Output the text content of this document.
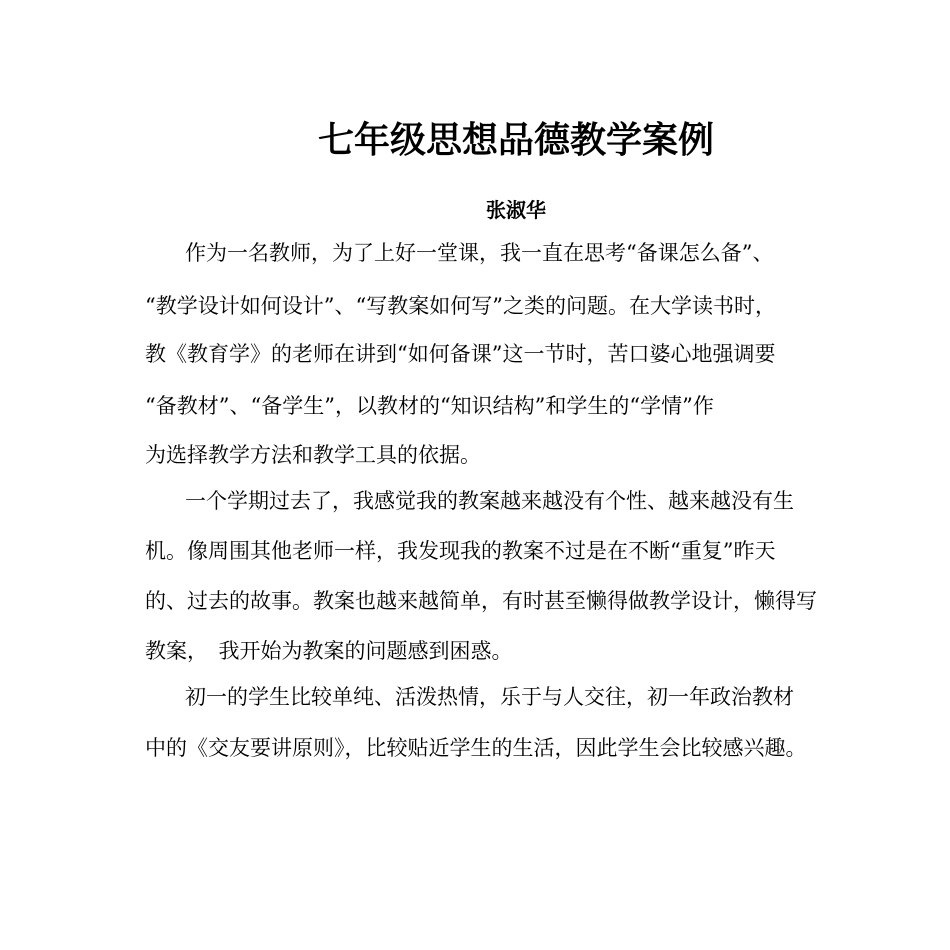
七年级思想品德教学案例
张淑华
作为一名教师，为了上好一堂课，我一直在思考“备课怎么备”、
“教学设计如何设计”、“写教案如何写”之类的问题。在大学读书时，
教《教育学》的老师在讲到“如何备课”这一节时，苦口婆心地强调要
“备教材”、“备学生”，以教材的“知识结构”和学生的“学情”作
为选择教学方法和教学工具的依据。
一个学期过去了，我感觉我的教案越来越没有个性、越来越没有生
机。像周围其他老师一样，我发现我的教案不过是在不断“重复”昨天
的、过去的故事。教案也越来越简单，有时甚至懒得做教学设计，懒得写
教案，　我开始为教案的问题感到困惑。
初一的学生比较单纯、活泼热情，乐于与人交往，初一年政治教材
中的《交友要讲原则》，比较贴近学生的生活，因此学生会比较感兴趣。
